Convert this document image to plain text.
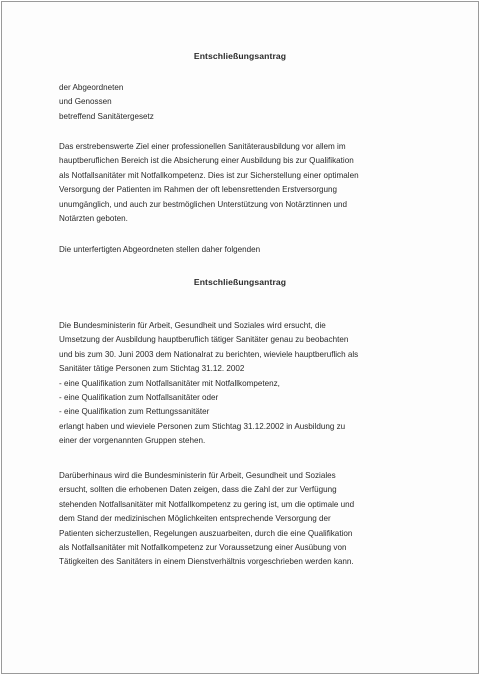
Entschließungsantrag
der Abgeordneten
und Genossen
betreffend Sanitätergesetz
Das erstrebenswerte Ziel einer professionellen Sanitäterausbildung vor allem im
hauptberuflichen Bereich ist die Absicherung einer Ausbildung bis zur Qualifikation
als Notfallsanitäter mit Notfallkompetenz. Dies ist zur Sicherstellung einer optimalen
Versorgung der Patienten im Rahmen der oft lebensrettenden Erstversorgung
unumgänglich, und auch zur bestmöglichen Unterstützung von Notärztinnen und
Notärzten geboten.
Die unterfertigten Abgeordneten stellen daher folgenden
Entschließungsantrag
Die Bundesministerin für Arbeit, Gesundheit und Soziales wird ersucht, die
Umsetzung der Ausbildung hauptberuflich tätiger Sanitäter genau zu beobachten
und bis zum 30. Juni 2003 dem Nationalrat zu berichten, wieviele hauptberuflich als
Sanitäter tätige Personen zum Stichtag 31.12. 2002
- eine Qualifikation zum Notfallsanitäter mit Notfallkompetenz,
- eine Qualifikation zum Notfallsanitäter oder
- eine Qualifikation zum Rettungssanitäter
erlangt haben und wieviele Personen zum Stichtag 31.12.2002 in Ausbildung zu
einer der vorgenannten Gruppen stehen.
Darüberhinaus wird die Bundesministerin für Arbeit, Gesundheit und Soziales
ersucht, sollten die erhobenen Daten zeigen, dass die Zahl der zur Verfügung
stehenden Notfallsanitäter mit Notfallkompetenz zu gering ist, um die optimale und
dem Stand der medizinischen Möglichkeiten entsprechende Versorgung der
Patienten sicherzustellen, Regelungen auszuarbeiten, durch die eine Qualifikation
als Notfallsanitäter mit Notfallkompetenz zur Voraussetzung einer Ausübung von
Tätigkeiten des Sanitäters in einem Dienstverhältnis vorgeschrieben werden kann.
